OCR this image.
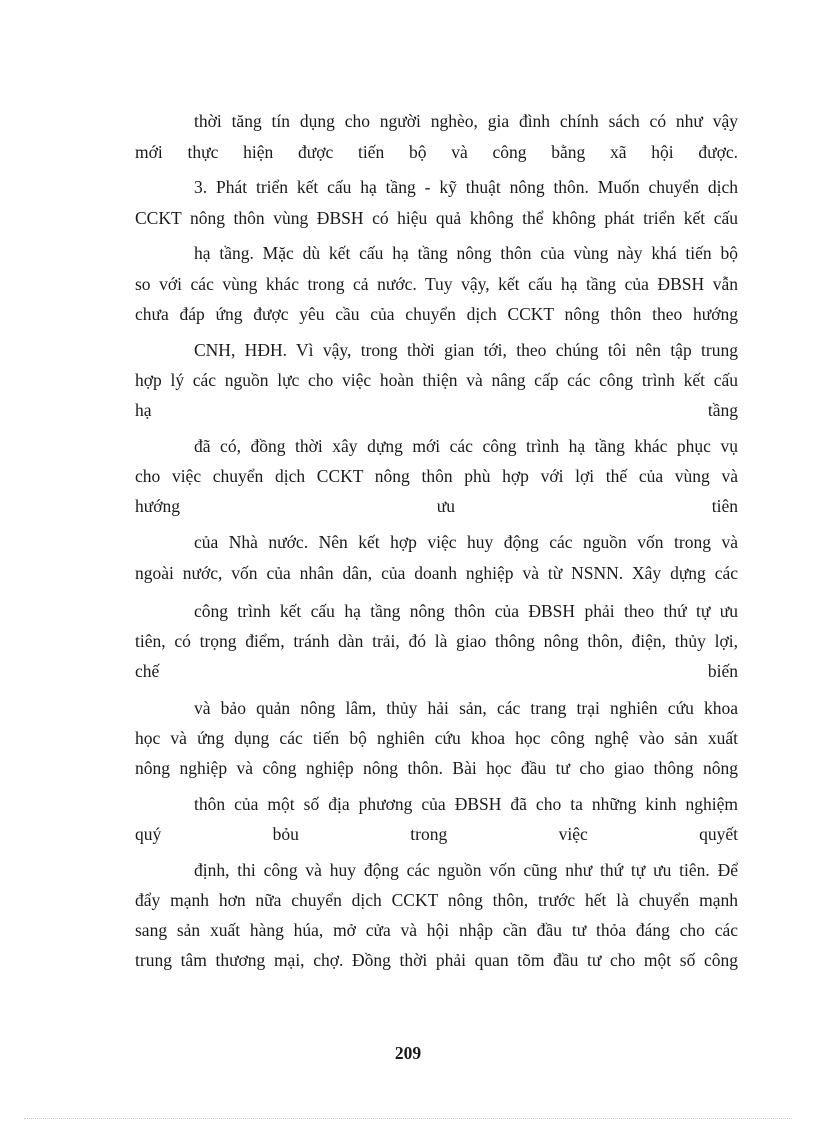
thời tăng tín dụng cho người nghèo, gia đình chính sách có như vậy
mới thực hiện được tiến bộ và công bằng xã hội được.
3. Phát triển kết cấu hạ tầng - kỹ thuật nông thôn. Muốn chuyển dịch
CCKT nông thôn vùng ĐBSH có hiệu quả không thể không phát triển kết cấu
hạ tầng. Mặc dù kết cấu hạ tầng nông thôn của vùng này khá tiến bộ
so với các vùng khác trong cả nước. Tuy vậy, kết cấu hạ tầng của ĐBSH vẫn
chưa đáp ứng được yêu cầu của chuyển dịch CCKT nông thôn theo hướng
CNH, HĐH. Vì vậy, trong thời gian tới, theo chúng tôi nên tập trung
hợp lý các nguồn lực cho việc hoàn thiện và nâng cấp các công trình kết cấu
hạ tầng
đã có, đồng thời xây dựng mới các công trình hạ tầng khác phục vụ
cho việc chuyển dịch CCKT nông thôn phù hợp với lợi thế của vùng và
hướng ưu tiên
của Nhà nước. Nên kết hợp việc huy động các nguồn vốn trong và
ngoài nước, vốn của nhân dân, của doanh nghiệp và từ NSNN. Xây dựng các
công trình kết cấu hạ tầng nông thôn của ĐBSH phải theo thứ tự ưu
tiên, có trọng điểm, tránh dàn trải, đó là giao thông nông thôn, điện, thủy lợi,
chế biến
và bảo quản nông lâm, thủy hải sản, các trang trại nghiên cứu khoa
học và ứng dụng các tiến bộ nghiên cứu khoa học công nghệ vào sản xuất
nông nghiệp và công nghiệp nông thôn. Bài học đầu tư cho giao thông nông
thôn của một số địa phương của ĐBSH đã cho ta những kinh nghiệm
quý bỏu trong việc quyết
định, thi công và huy động các nguồn vốn cũng như thứ tự ưu tiên. Để
đẩy mạnh hơn nữa chuyển dịch CCKT nông thôn, trước hết là chuyển mạnh
sang sản xuất hàng húa, mở cửa và hội nhập cần đầu tư thỏa đáng cho các
trung tâm thương mại, chợ. Đồng thời phải quan tõm đầu tư cho một số công
209
